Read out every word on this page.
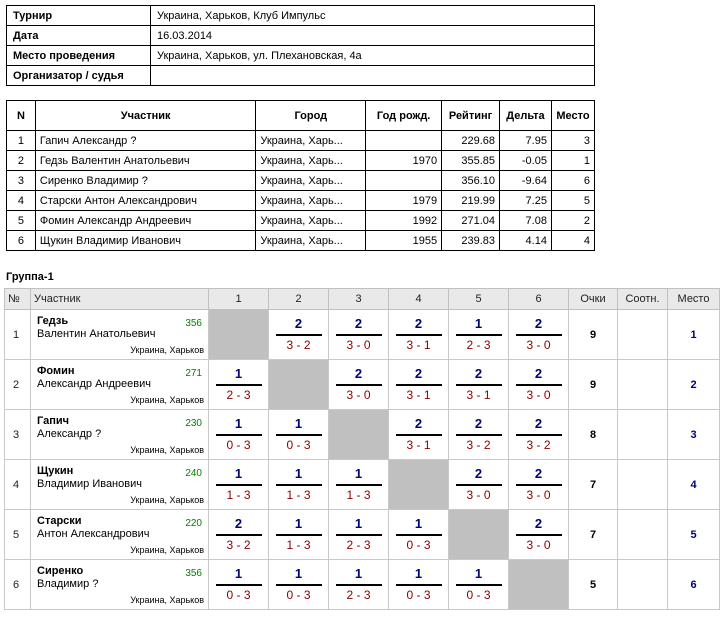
Турнир	Украина, Харьков, Клуб Импульс
Дата	16.03.2014
Место проведения	Украина, Харьков, ул. Плехановская, 4а
Организатор / судья	
N	Участник	Город	Год рожд.	Рейтинг	Дельта	Место
1	Гапич Александр ?	Украина, Харь...		229.68	7.95	3
2	Гедзь Валентин Анатольевич	Украина, Харь...	1970	355.85	-0.05	1
3	Сиренко Владимир ?	Украина, Харь...		356.10	-9.64	6
4	Старски Антон Александрович	Украина, Харь...	1979	219.99	7.25	5
5	Фомин Александр Андреевич	Украина, Харь...	1992	271.04	7.08	2
6	Щукин Владимир Иванович	Украина, Харь...	1955	239.83	4.14	4
Группа-1
№	Участник	1	2	3	4	5	6	Очки	Соотн.	Место
1	Гедзь
Валентин Анатольевич
356
Украина, Харьков		2
3 - 2	2
3 - 0	2
3 - 1	1
2 - 3	2
3 - 0	9		1
2	Фомин
Александр Андреевич
271
Украина, Харьков	1
2 - 3		2
3 - 0	2
3 - 1	2
3 - 1	2
3 - 0	9		2
3	Гапич
Александр ?
230
Украина, Харьков	1
0 - 3	1
0 - 3		2
3 - 1	2
3 - 2	2
3 - 2	8		3
4	Щукин
Владимир Иванович
240
Украина, Харьков	1
1 - 3	1
1 - 3	1
1 - 3		2
3 - 0	2
3 - 0	7		4
5	Старски
Антон Александрович
220
Украина, Харьков	2
3 - 2	1
1 - 3	1
2 - 3	1
0 - 3		2
3 - 0	7		5
6	Сиренко
Владимир ?
356
Украина, Харьков	1
0 - 3	1
0 - 3	1
2 - 3	1
0 - 3	1
0 - 3		5		6
